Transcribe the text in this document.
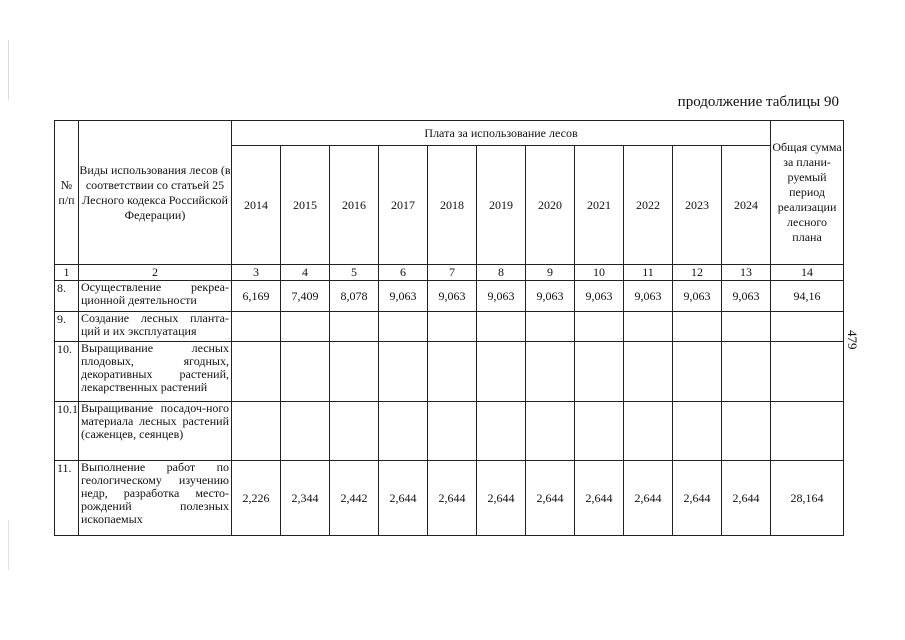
продолжение таблицы 90
479
№ п/п	Виды использования лесов (в соответствии со статьей 25 Лесного кодекса Российской Федерации)	Плата за использование лесов											Общая сумма за плани-руемый период реализации лесного плана
		2014	2015	2016	2017	2018	2019	2020	2021	2022	2023	2024	
1	2	3	4	5	6	7	8	9	10	11	12	13	14
8.	Осуществление рекреа-ционной деятельности	6,169	7,409	8,078	9,063	9,063	9,063	9,063	9,063	9,063	9,063	9,063	94,16
9.	Создание лесных планта-ций и их эксплуатация												
10.	Выращивание лесных плодовых, ягодных, декоративных растений, лекарственных растений												
10.1	Выращивание посадоч-ного материала лесных растений (саженцев, сеянцев)												
11.	Выполнение работ по геологическому изучению недр, разработка место-рождений полезных ископаемых	2,226	2,344	2,442	2,644	2,644	2,644	2,644	2,644	2,644	2,644	2,644	28,164
